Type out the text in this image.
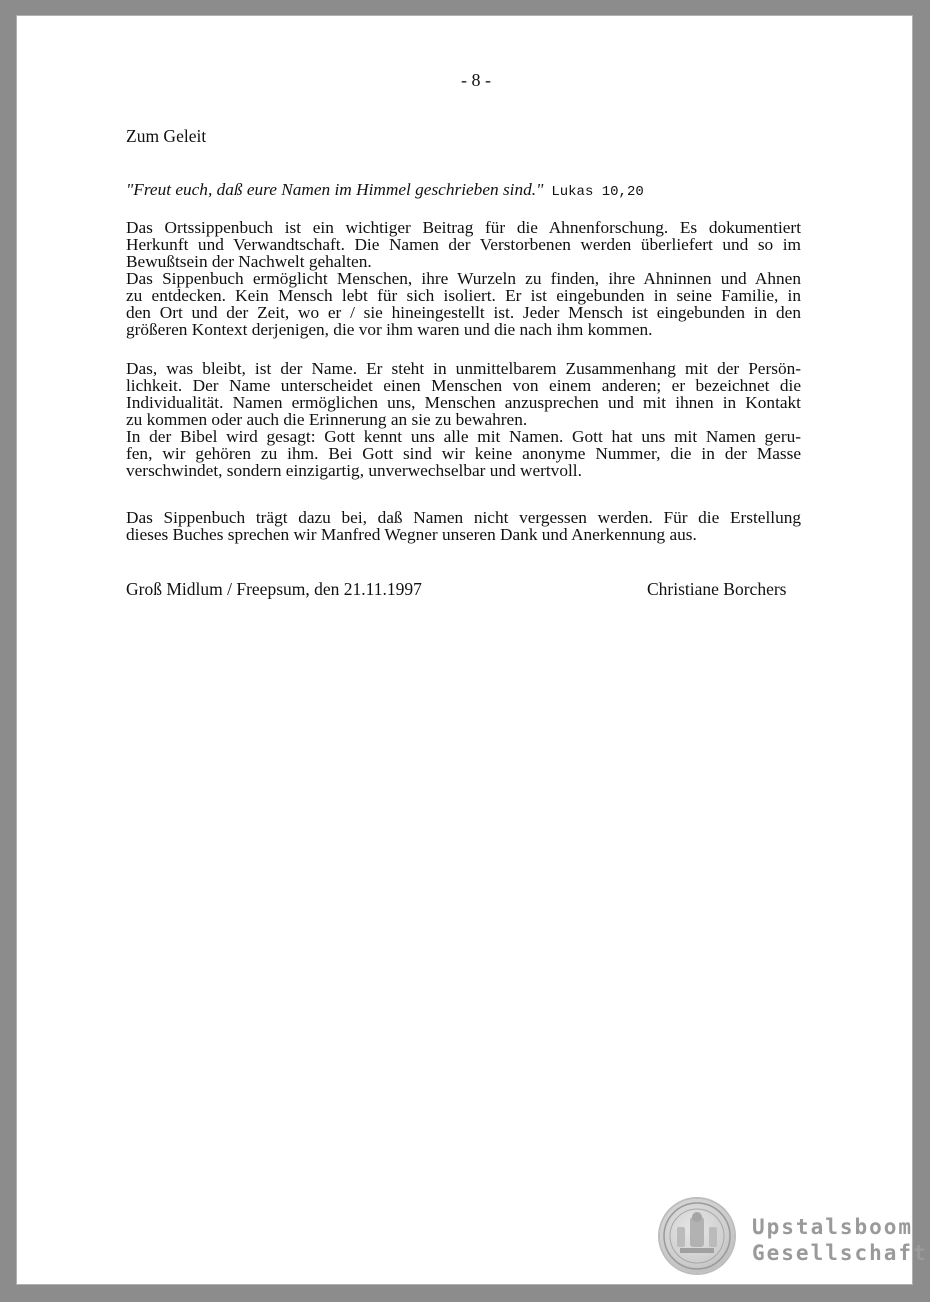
- 8 -
Zum Geleit
"Freut euch, daß eure Namen im Himmel geschrieben sind." Lukas 10,20
Das Ortssippenbuch ist ein wichtiger Beitrag für die Ahnenforschung. Es dokumentiert
Herkunft und Verwandtschaft. Die Namen der Verstorbenen werden überliefert und so im
Bewußtsein der Nachwelt gehalten.
Das Sippenbuch ermöglicht Menschen, ihre Wurzeln zu finden, ihre Ahninnen und Ahnen
zu entdecken. Kein Mensch lebt für sich isoliert. Er ist eingebunden in seine Familie, in
den Ort und der Zeit, wo er / sie hineingestellt ist. Jeder Mensch ist eingebunden in den
größeren Kontext derjenigen, die vor ihm waren und die nach ihm kommen.
Das, was bleibt, ist der Name. Er steht in unmittelbarem Zusammenhang mit der Persön-
lichkeit. Der Name unterscheidet einen Menschen von einem anderen; er bezeichnet die
Individualität. Namen ermöglichen uns, Menschen anzusprechen und mit ihnen in Kontakt
zu kommen oder auch die Erinnerung an sie zu bewahren.
In der Bibel wird gesagt: Gott kennt uns alle mit Namen. Gott hat uns mit Namen geru-
fen, wir gehören zu ihm. Bei Gott sind wir keine anonyme Nummer, die in der Masse
verschwindet, sondern einzigartig, unverwechselbar und wertvoll.
Das Sippenbuch trägt dazu bei, daß Namen nicht vergessen werden. Für die Erstellung
dieses Buches sprechen wir Manfred Wegner unseren Dank und Anerkennung aus.
Groß Midlum / Freepsum, den 21.11.1997	Christiane Borchers
Upstalsboom
Gesellschaft
